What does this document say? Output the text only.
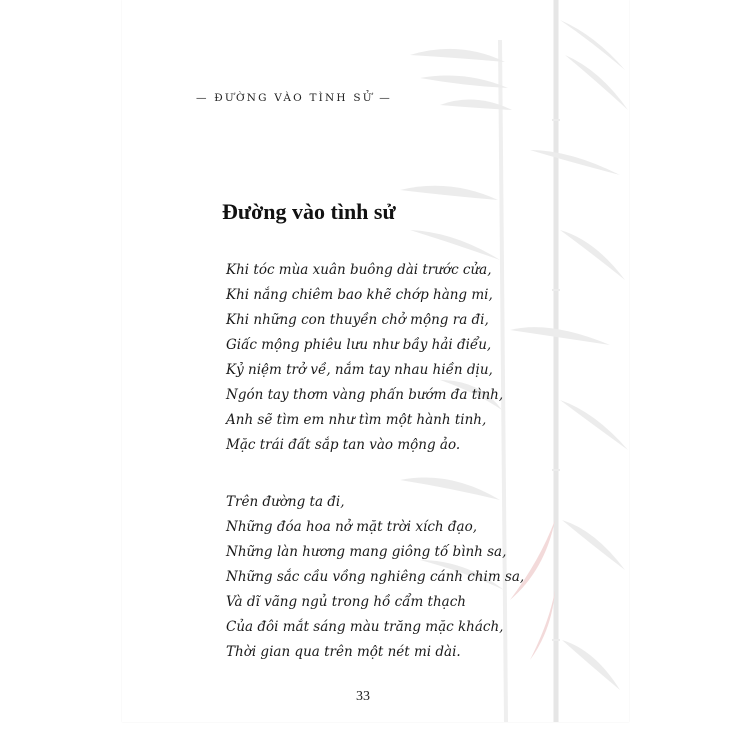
— ĐƯỜNG VÀO TÌNH SỬ —
Đường vào tình sử
Khi tóc mùa xuân buông dài trước cửa,
Khi nắng chiêm bao khẽ chớp hàng mi,
Khi những con thuyền chở mộng ra đi,
Giấc mộng phiêu lưu như bầy hải điểu,
Kỷ niệm trở về, nắm tay nhau hiền dịu,
Ngón tay thơm vàng phấn bướm đa tình,
Anh sẽ tìm em như tìm một hành tinh,
Mặc trái đất sắp tan vào mộng ảo.
Trên đường ta đi,
Những đóa hoa nở mặt trời xích đạo,
Những làn hương mang giông tố bình sa,
Những sắc cầu vồng nghiêng cánh chim sa,
Và dĩ vãng ngủ trong hồ cẩm thạch
Của đôi mắt sáng màu trăng mặc khách,
Thời gian qua trên một nét mi dài.
33
